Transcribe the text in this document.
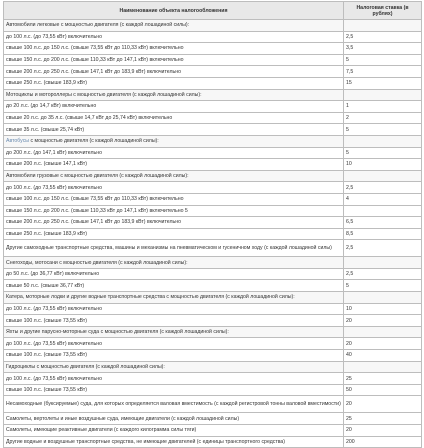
Наименование объекта налогообложения	Налоговая ставка (в рублях)
Автомобили легковые с мощностью двигателя (с каждой лошадиной силы):	
до 100 л.с. (до 73,55 кВт) включительно	2,5
свыше 100 л.с. до 150 л.с. (свыше 73,55 кВт до 110,33 кВт) включительно	3,5
свыше 150 л.с. до 200 л.с. (свыше 110,33 кВт до 147,1 кВт) включительно	5
свыше 200 л.с. до 250 л.с. (свыше 147,1 кВт до 183,9 кВт) включительно	7,5
свыше 250 л.с. (свыше 183,9 кВт)	15
Мотоциклы и мотороллеры с мощностью двигателя (с каждой лошадиной силы):	
до 20 л.с. (до 14,7 кВт) включительно	1
свыше 20 л.с. до 35 л.с. (свыше 14,7 кВт до 25,74 кВт) включительно	2
свыше 35 л.с. (свыше 25,74 кВт)	5
Автобусы с мощностью двигателя (с каждой лошадиной силы):	
до 200 л.с. (до 147,1 кВт) включительно	5
свыше 200 л.с. (свыше 147,1 кВт)	10
Автомобили грузовые с мощностью двигателя (с каждой лошадиной силы):	
до 100 л.с. (до 73,55 кВт) включительно	2,5
свыше 100 л.с. до 150 л.с. (свыше 73,55 кВт до 110,33 кВт) включительно	4
свыше 150 л.с. до 200 л.с. (свыше 110,33 кВт до 147,1 кВт) включительно 5	
свыше 200 л.с. до 250 л.с. (свыше 147,1 кВт до 183,9 кВт) включительно	6,5
свыше 250 л.с. (свыше 183,9 кВт)	8,5
Другие самоходные транспортные средства, машины и механизмы на пневматическом и гусеничном ходу (с каждой лошадиной силы)	2,5
Снегоходы, мотосани с мощностью двигателя (с каждой лошадиной силы):	
до 50 л.с. (до 36,77 кВт) включительно	2,5
свыше 50 л.с. (свыше 36,77 кВт)	5
Катера, моторные лодки и другие водные транспортные средства с мощностью двигателя (с каждой лошадиной силы):	
до 100 л.с. (до 73,55 кВт) включительно	10
свыше 100 л.с. (свыше 73,55 кВт)	20
Яхты и другие парусно-моторные суда с мощностью двигателя (с каждой лошадиной силы):	
до 100 л.с. (до 73,55 кВт) включительно	20
свыше 100 л.с. (свыше 73,55 кВт)	40
Гидроциклы с мощностью двигателя (с каждой лошадиной силы):	
до 100 л.с. (до 73,55 кВт) включительно	25
свыше 100 л.с. (свыше 73,55 кВт)	50
Несамоходные (буксируемые) суда, для которых определяется валовая вместимость (с каждой регистровой тонны валовой вместимости)	20
Самолеты, вертолеты и иные воздушные суда, имеющие двигатели (с каждой лошадиной силы)	25
Самолеты, имеющие реактивные двигатели (с каждого килограмма силы тяги)	20
Другие водные и воздушные транспортные средства, не имеющие двигателей (с единицы транспортного средства)	200
